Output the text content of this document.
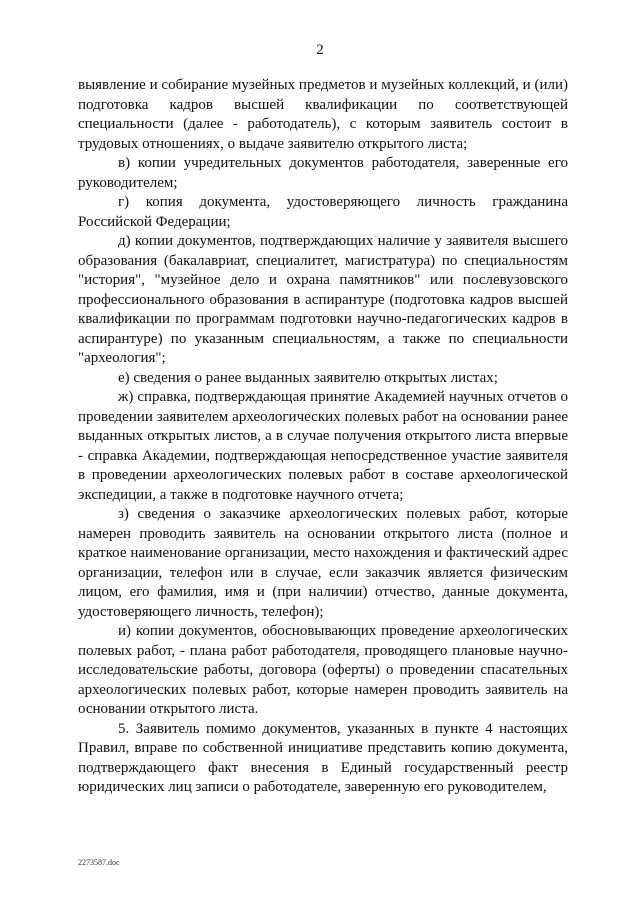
2

выявление и собирание музейных предметов и музейных коллекций, и (или) подготовка кадров высшей квалификации по соответствующей специальности (далее - работодатель), с которым заявитель состоит в трудовых отношениях, о выдаче заявителю открытого листа;

в) копии учредительных документов работодателя, заверенные его руководителем;

г) копия документа, удостоверяющего личность гражданина Российской Федерации;

д) копии документов, подтверждающих наличие у заявителя высшего образования (бакалавриат, специалитет, магистратура) по специальностям "история", "музейное дело и охрана памятников" или послевузовского профессионального образования в аспирантуре (подготовка кадров высшей квалификации по программам подготовки научно-педагогических кадров в аспирантуре) по указанным специальностям, а также по специальности "археология";

е) сведения о ранее выданных заявителю открытых листах;

ж) справка, подтверждающая принятие Академией научных отчетов о проведении заявителем археологических полевых работ на основании ранее выданных открытых листов, а в случае получения открытого листа впервые - справка Академии, подтверждающая непосредственное участие заявителя в проведении археологических полевых работ в составе археологической экспедиции, а также в подготовке научного отчета;

з) сведения о заказчике археологических полевых работ, которые намерен проводить заявитель на основании открытого листа (полное и краткое наименование организации, место нахождения и фактический адрес организации, телефон или в случае, если заказчик является физическим лицом, его фамилия, имя и (при наличии) отчество, данные документа, удостоверяющего личность, телефон);

и) копии документов, обосновывающих проведение археологических полевых работ, - плана работ работодателя, проводящего плановые научно-исследовательские работы, договора (оферты) о проведении спасательных археологических полевых работ, которые намерен проводить заявитель на основании открытого листа.

5. Заявитель помимо документов, указанных в пункте 4 настоящих Правил, вправе по собственной инициативе представить копию документа, подтверждающего факт внесения в Единый государственный реестр юридических лиц записи о работодателе, заверенную его руководителем,

2273587.doc
